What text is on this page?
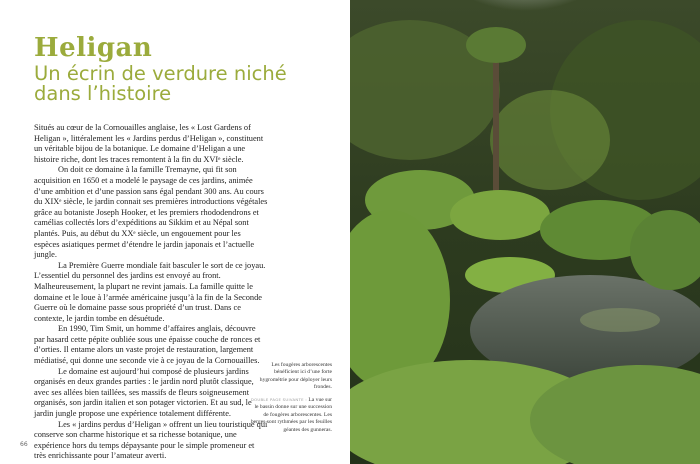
Heligan
Un écrin de verdure niché dans l’histoire

Situés au cœur de la Cornouailles anglaise, les « Lost Gardens of Heligan », littéralement les « Jardins perdus d’Heligan », constituent un véritable bijou de la botanique. Le domaine d’Heligan a une histoire riche, dont les traces remontent à la fin du XVIᵉ siècle.

On doit ce domaine à la famille Tremayne, qui fit son acquisition en 1650 et a modelé le paysage de ces jardins, animée d’une ambition et d’une passion sans égal pendant 300 ans. Au cours du XIXᵉ siècle, le jardin connait ses premières introductions végétales grâce au botaniste Joseph Hooker, et les premiers rhododendrons et camélias collectés lors d’expéditions au Sikkim et au Népal sont plantés. Puis, au début du XXᵉ siècle, un engouement pour les espèces asiatiques permet d’étendre le jardin japonais et l’actuelle jungle.

La Première Guerre mondiale fait basculer le sort de ce joyau. L’essentiel du personnel des jardins est envoyé au front. Malheureusement, la plupart ne revint jamais. La famille quitte le domaine et le loue à l’armée américaine jusqu’à la fin de la Seconde Guerre où le domaine passe sous propriété d’un trust. Dans ce contexte, le jardin tombe en désuétude.

En 1990, Tim Smit, un homme d’affaires anglais, découvre par hasard cette pépite oubliée sous une épaisse couche de ronces et d’orties. Il entame alors un vaste projet de restauration, largement médiatisé, qui donne une seconde vie à ce joyau de la Cornouailles.

Le domaine est aujourd’hui composé de plusieurs jardins organisés en deux grandes parties : le jardin nord plutôt classique, avec ses allées bien taillées, ses massifs de fleurs soigneusement organisés, son jardin italien et son potager victorien. Et au sud, le jardin jungle propose une expérience totalement différente.

Les « jardins perdus d’Heligan » offrent un lieu touristique qui conserve son charme historique et sa richesse botanique, une expérience hors du temps dépaysante pour le simple promeneur et très enrichissante pour l’amateur averti.

Les fougères arborescentes bénéficient ici d’une forte hygrométrie pour déployer leurs frondes.
DOUBLE PAGE SUIVANTE : La vue sur le bassin donne sur une succession de fougères arborescentes. Les berges sont rythmées par les feuilles géantes des gunneras.
66
